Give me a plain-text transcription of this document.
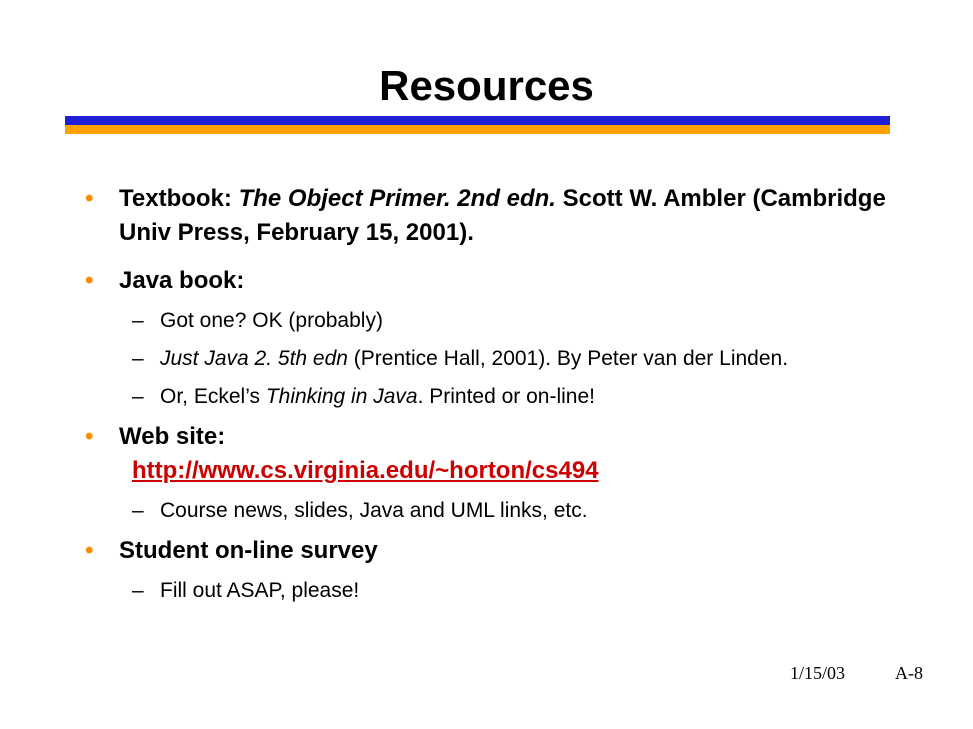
Resources
•	Textbook: The Object Primer. 2nd edn. Scott W. Ambler (Cambridge Univ Press, February 15, 2001).
•	Java book:
– Got one? OK (probably)
– Just Java 2. 5th edn (Prentice Hall, 2001). By Peter van der Linden.
– Or, Eckel’s Thinking in Java. Printed or on-line!
•	Web site:
http://www.cs.virginia.edu/~horton/cs494
– Course news, slides, Java and UML links, etc.
•	Student on-line survey
– Fill out ASAP, please!
1/15/03	A-8
